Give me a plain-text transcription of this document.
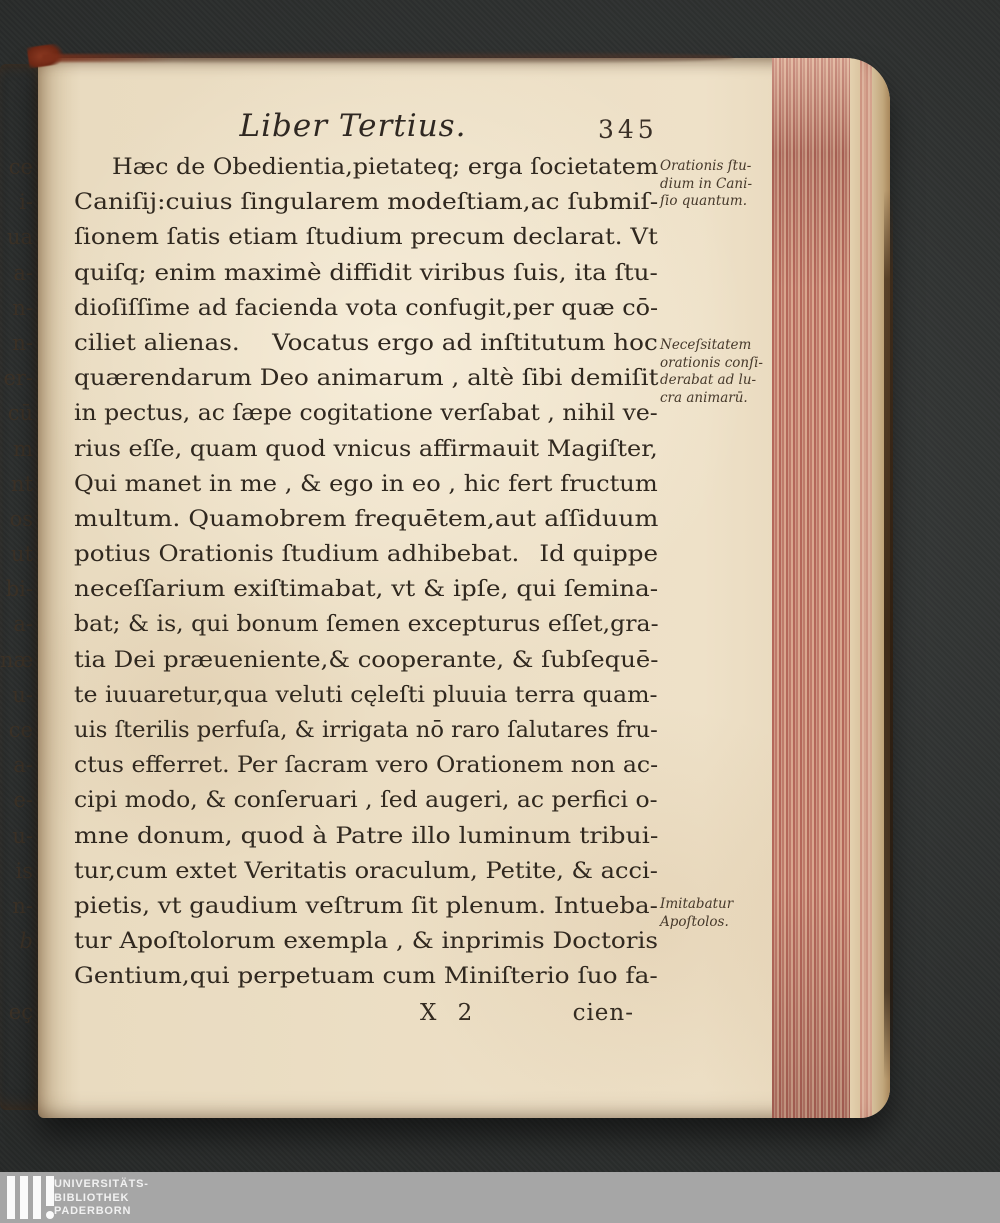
ce
i-
ua
a-
n-
n-
er-
cū
m
nt
os
ut
bi-
a-
næ
u-
ce
a-
e-
u-
is
n-
b
eç
Liber Tertius.	345
Hæc de Obedientia,pietateq; erga ſocietatem
Caniſij:cuius ſingularem modeſtiam,ac ſubmiſ-
ſionem ſatis etiam ſtudium precum declarat. Vt
quiſq; enim maximè diffidit viribus ſuis, ita ſtu-
dioſiſſime ad facienda vota confugit,per quæ cō-
ciliet alienas.   Vocatus ergo ad inſtitutum hoc
quærendarum Deo animarum , altè ſibi demiſit
in pectus, ac ſæpe cogitatione verſabat , nihil ve-
rius eſſe, quam quod vnicus affirmauit Magiſter,
Qui manet in me , & ego in eo , hic fert fructum
multum. Quamobrem frequētem,aut aſſiduum
potius Orationis ſtudium adhibebat.  Id quippe
neceſſarium exiſtimabat, vt & ipſe, qui ſemina-
bat; & is, qui bonum ſemen excepturus eſſet,gra-
tia Dei præueniente,& cooperante, & ſubſequē-
te iuuaretur,qua veluti cęleſti pluuia terra quam-
uis ſterilis perfuſa, & irrigata nō raro ſalutares fru-
ctus efferret. Per ſacram vero Orationem non ac-
cipi modo, & conſeruari , ſed augeri, ac perfici o-
mne donum, quod à Patre illo luminum tribui-
tur,cum extet Veritatis oraculum, Petite, & acci-
pietis, vt gaudium veſtrum ſit plenum. Intueba-
tur Apoſtolorum exempla , & inprimis Doctoris
Gentium,qui perpetuam cum Miniſterio ſuo fa-
Orationis ſtu-
dium in Cani-
ſio quantum.
Neceſsitatem
orationis conſi-
derabat ad lu-
cra animarū.
Imitabatur
Apoſtolos.
X 2	cien-
UNIVERSITÄTS-
BIBLIOTHEK
PADERBORN
